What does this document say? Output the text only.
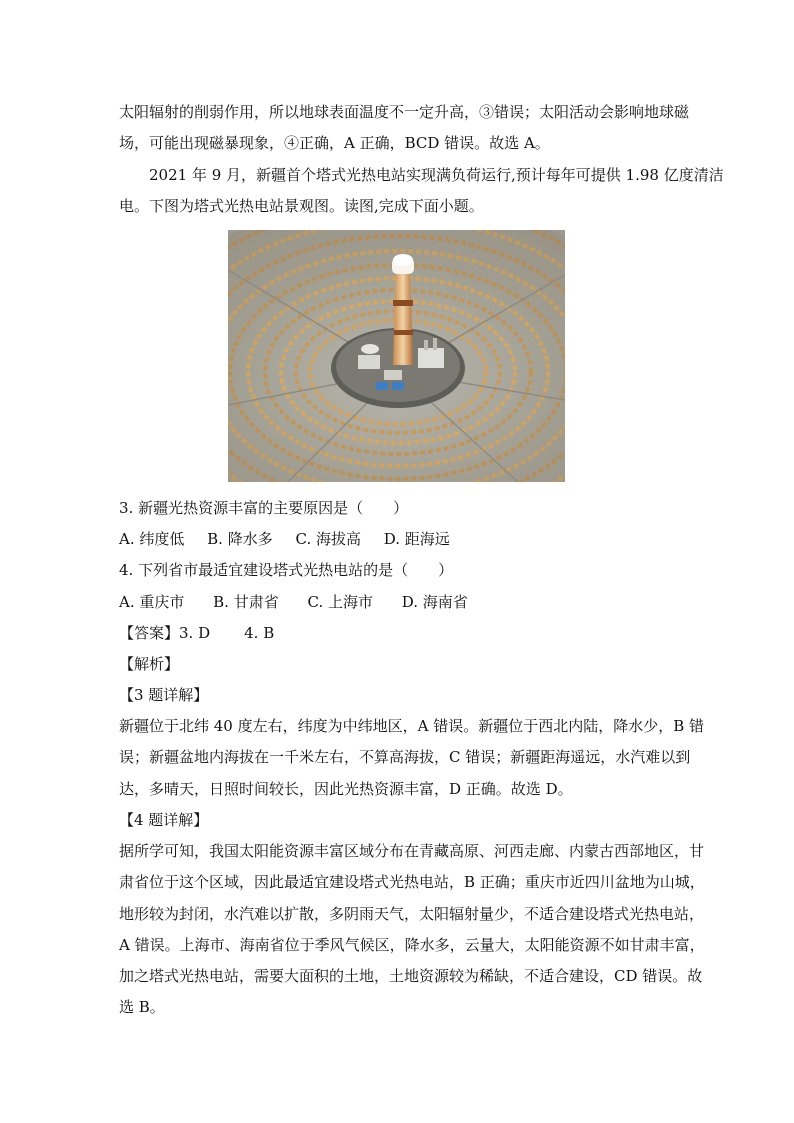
太阳辐射的削弱作用，所以地球表面温度不一定升高，③错误；太阳活动会影响地球磁
场，可能出现磁暴现象，④正确，A 正确，BCD 错误。故选 A。
2021 年 9 月，新疆首个塔式光热电站实现满负荷运行,预计每年可提供 1.98 亿度清洁
电。下图为塔式光热电站景观图。读图,完成下面小题。
3. 新疆光热资源丰富的主要原因是（　　）
A. 纬度低 B. 降水多 C. 海拔高 D. 距海远
4. 下列省市最适宜建设塔式光热电站的是（　　）
A. 重庆市 B. 甘肃省 C. 上海市 D. 海南省
【答案】3. D 4. B
【解析】
【3 题详解】
新疆位于北纬 40 度左右，纬度为中纬地区，A 错误。新疆位于西北内陆，降水少，B 错
误；新疆盆地内海拔在一千米左右，不算高海拔，C 错误；新疆距海遥远，水汽难以到
达，多晴天，日照时间较长，因此光热资源丰富，D 正确。故选 D。
【4 题详解】
据所学可知，我国太阳能资源丰富区域分布在青藏高原、河西走廊、内蒙古西部地区，甘
肃省位于这个区域，因此最适宜建设塔式光热电站，B 正确；重庆市近四川盆地为山城，
地形较为封闭，水汽难以扩散，多阴雨天气，太阳辐射量少，不适合建设塔式光热电站，
A 错误。上海市、海南省位于季风气候区，降水多，云量大，太阳能资源不如甘肃丰富，
加之塔式光热电站，需要大面积的土地，土地资源较为稀缺，不适合建设，CD 错误。故
选 B。
